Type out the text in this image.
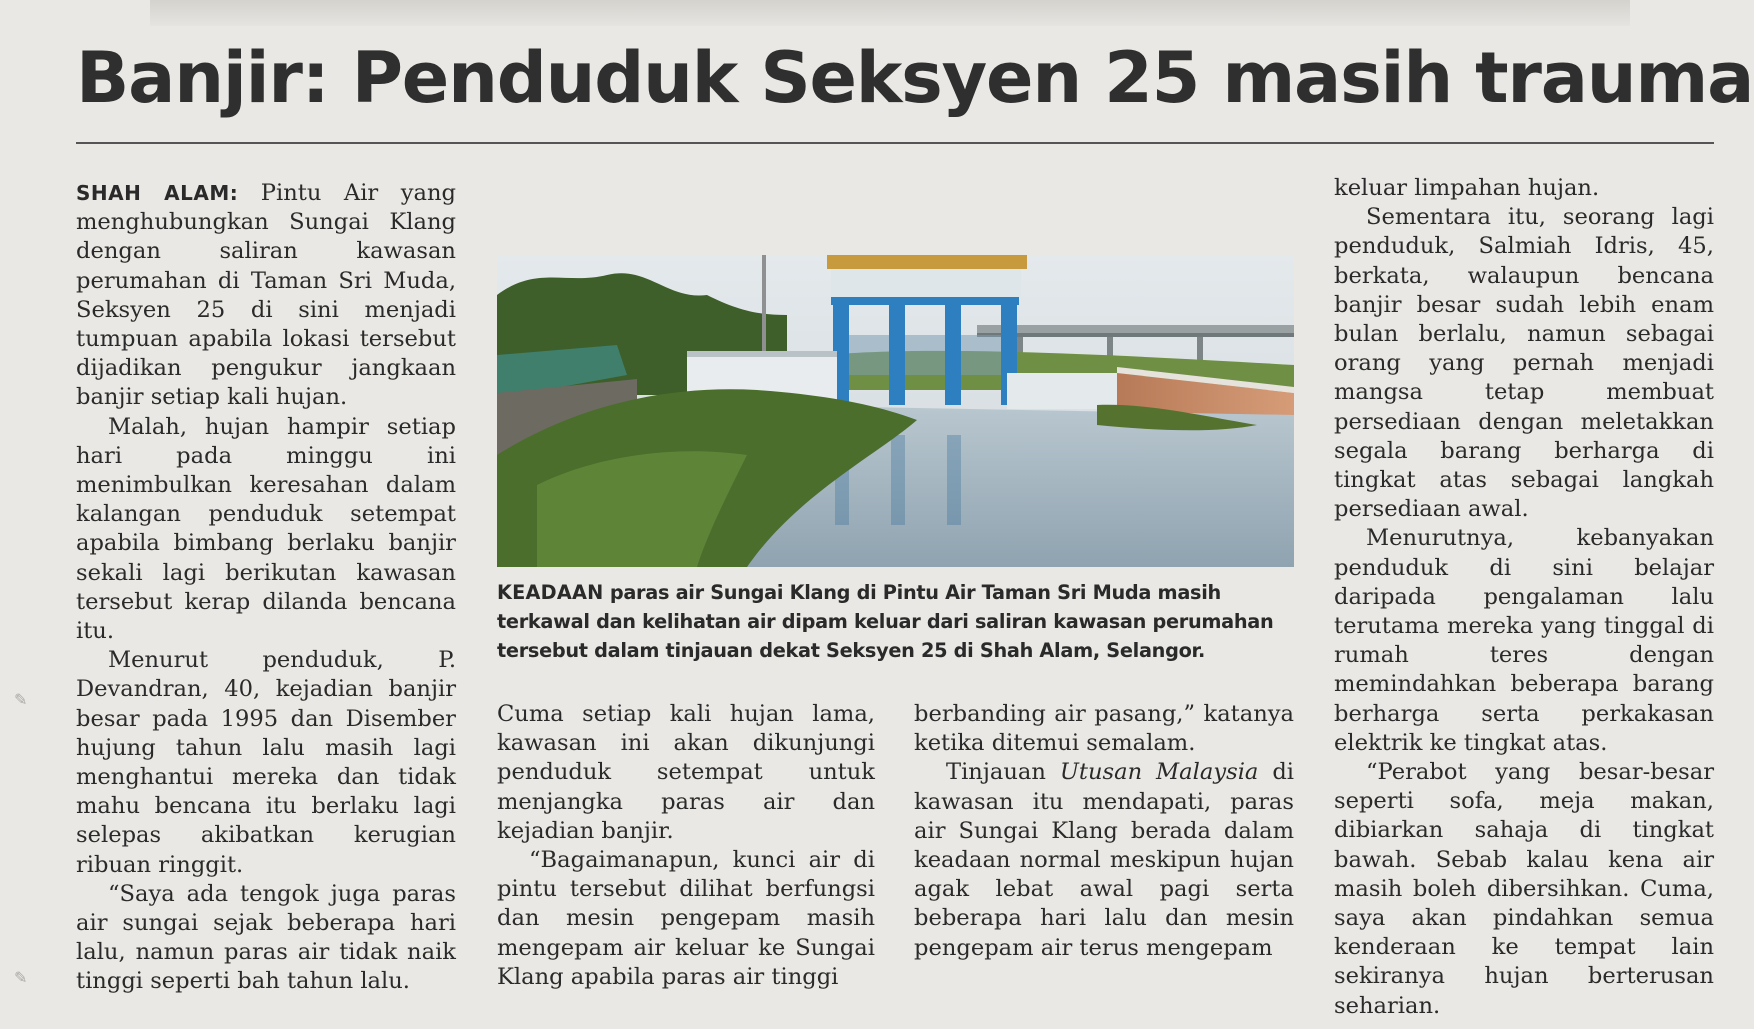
Banjir: Penduduk Seksyen 25 masih trauma

SHAH ALAM: Pintu Air yang menghubungkan Sungai Klang dengan saliran kawasan perumahan di Taman Sri Muda, Seksyen 25 di sini menjadi tumpuan apabila lokasi tersebut dijadikan pengukur jangkaan banjir setiap kali hujan.

Malah, hujan hampir setiap hari pada minggu ini menimbulkan keresahan dalam kalangan penduduk setempat apabila bimbang berlaku banjir sekali lagi berikutan kawasan tersebut kerap dilanda bencana itu.

Menurut penduduk, P. Devandran, 40, kejadian banjir besar pada 1995 dan Disember hujung tahun lalu masih lagi menghantui mereka dan tidak mahu bencana itu berlaku lagi selepas akibatkan kerugian ribuan ringgit.

“Saya ada tengok juga paras air sungai sejak beberapa hari lalu, namun paras air tidak naik tinggi seperti bah tahun lalu.

KEADAAN paras air Sungai Klang di Pintu Air Taman Sri Muda masih terkawal dan kelihatan air dipam keluar dari saliran kawasan perumahan tersebut dalam tinjauan dekat Seksyen 25 di Shah Alam, Selangor.

Cuma setiap kali hujan lama, kawasan ini akan dikunjungi penduduk setempat untuk menjangka paras air dan kejadian banjir.

“Bagaimanapun, kunci air di pintu tersebut dilihat berfungsi dan mesin pengepam masih mengepam air keluar ke Sungai Klang apabila paras air tinggi

berbanding air pasang,” katanya ketika ditemui semalam.

Tinjauan Utusan Malaysia di kawasan itu mendapati, paras air Sungai Klang berada dalam keadaan normal meskipun hujan agak lebat awal pagi serta beberapa hari lalu dan mesin pengepam air terus mengepam

keluar limpahan hujan.

Sementara itu, seorang lagi penduduk, Salmiah Idris, 45, berkata, walaupun bencana banjir besar sudah lebih enam bulan berlalu, namun sebagai orang yang pernah menjadi mangsa tetap membuat persediaan dengan meletakkan segala barang berharga di tingkat atas sebagai langkah persediaan awal.

Menurutnya, kebanyakan penduduk di sini belajar daripada pengalaman lalu terutama mereka yang tinggal di rumah teres dengan memindahkan beberapa barang berharga serta perkakasan elektrik ke tingkat atas.

“Perabot yang besar-besar seperti sofa, meja makan, dibiarkan sahaja di tingkat bawah. Sebab kalau kena air masih boleh dibersihkan. Cuma, saya akan pindahkan semua kenderaan ke tempat lain sekiranya hujan berterusan seharian.

✎
✎
